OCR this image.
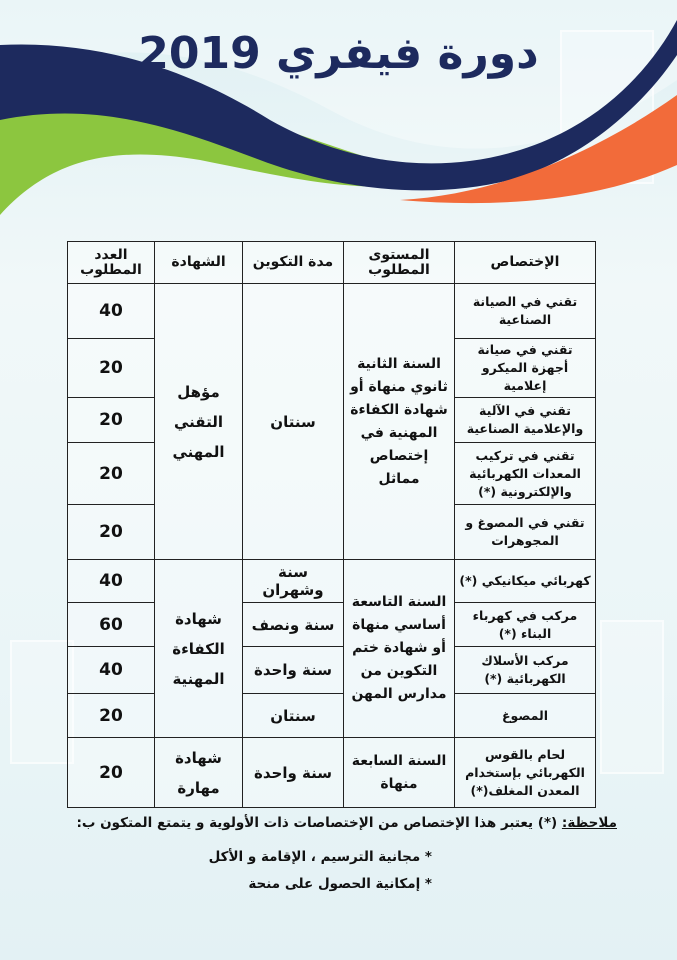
دورة فيفري 2019
الإختصاص	المستوى المطلوب	مدة التكوين	الشهادة	العدد المطلوب
تقني في الصيانة الصناعية	السنة الثانية ثانوي منهاة أو شهادة الكفاءة المهنية في إختصاص مماثل	سنتان	مؤهل التقني المهني	40
تقني في صيانة أجهزة الميكرو إعلامية				20
تقني في الآلية والإعلامية الصناعية				20
تقني في تركيب المعدات الكهربائية والإلكترونية (*)				20
تقني في المصوغ و المجوهرات				20
كهربائي ميكانيكي (*)	السنة التاسعة أساسي منهاة أو شهادة ختم التكوين من مدارس المهن	سنة وشهران	شهادة الكفاءة المهنية	40
مركب في كهرباء البناء (*)		سنة ونصف		60
مركب الأسلاك الكهربائية (*)		سنة واحدة		40
المصوغ		سنتان		20
لحام بالقوس الكهربائي بإستخدام المعدن المغلف(*)	السنة السابعة منهاة	سنة واحدة	شهادة مهارة	20
ملاحظة: (*) يعتبر هذا الإختصاص من الإختصاصات ذات الأولوية و يتمتع المتكون ب:
* مجانية الترسيم ، الإقامة و الأكل
* إمكانية الحصول على منحة
